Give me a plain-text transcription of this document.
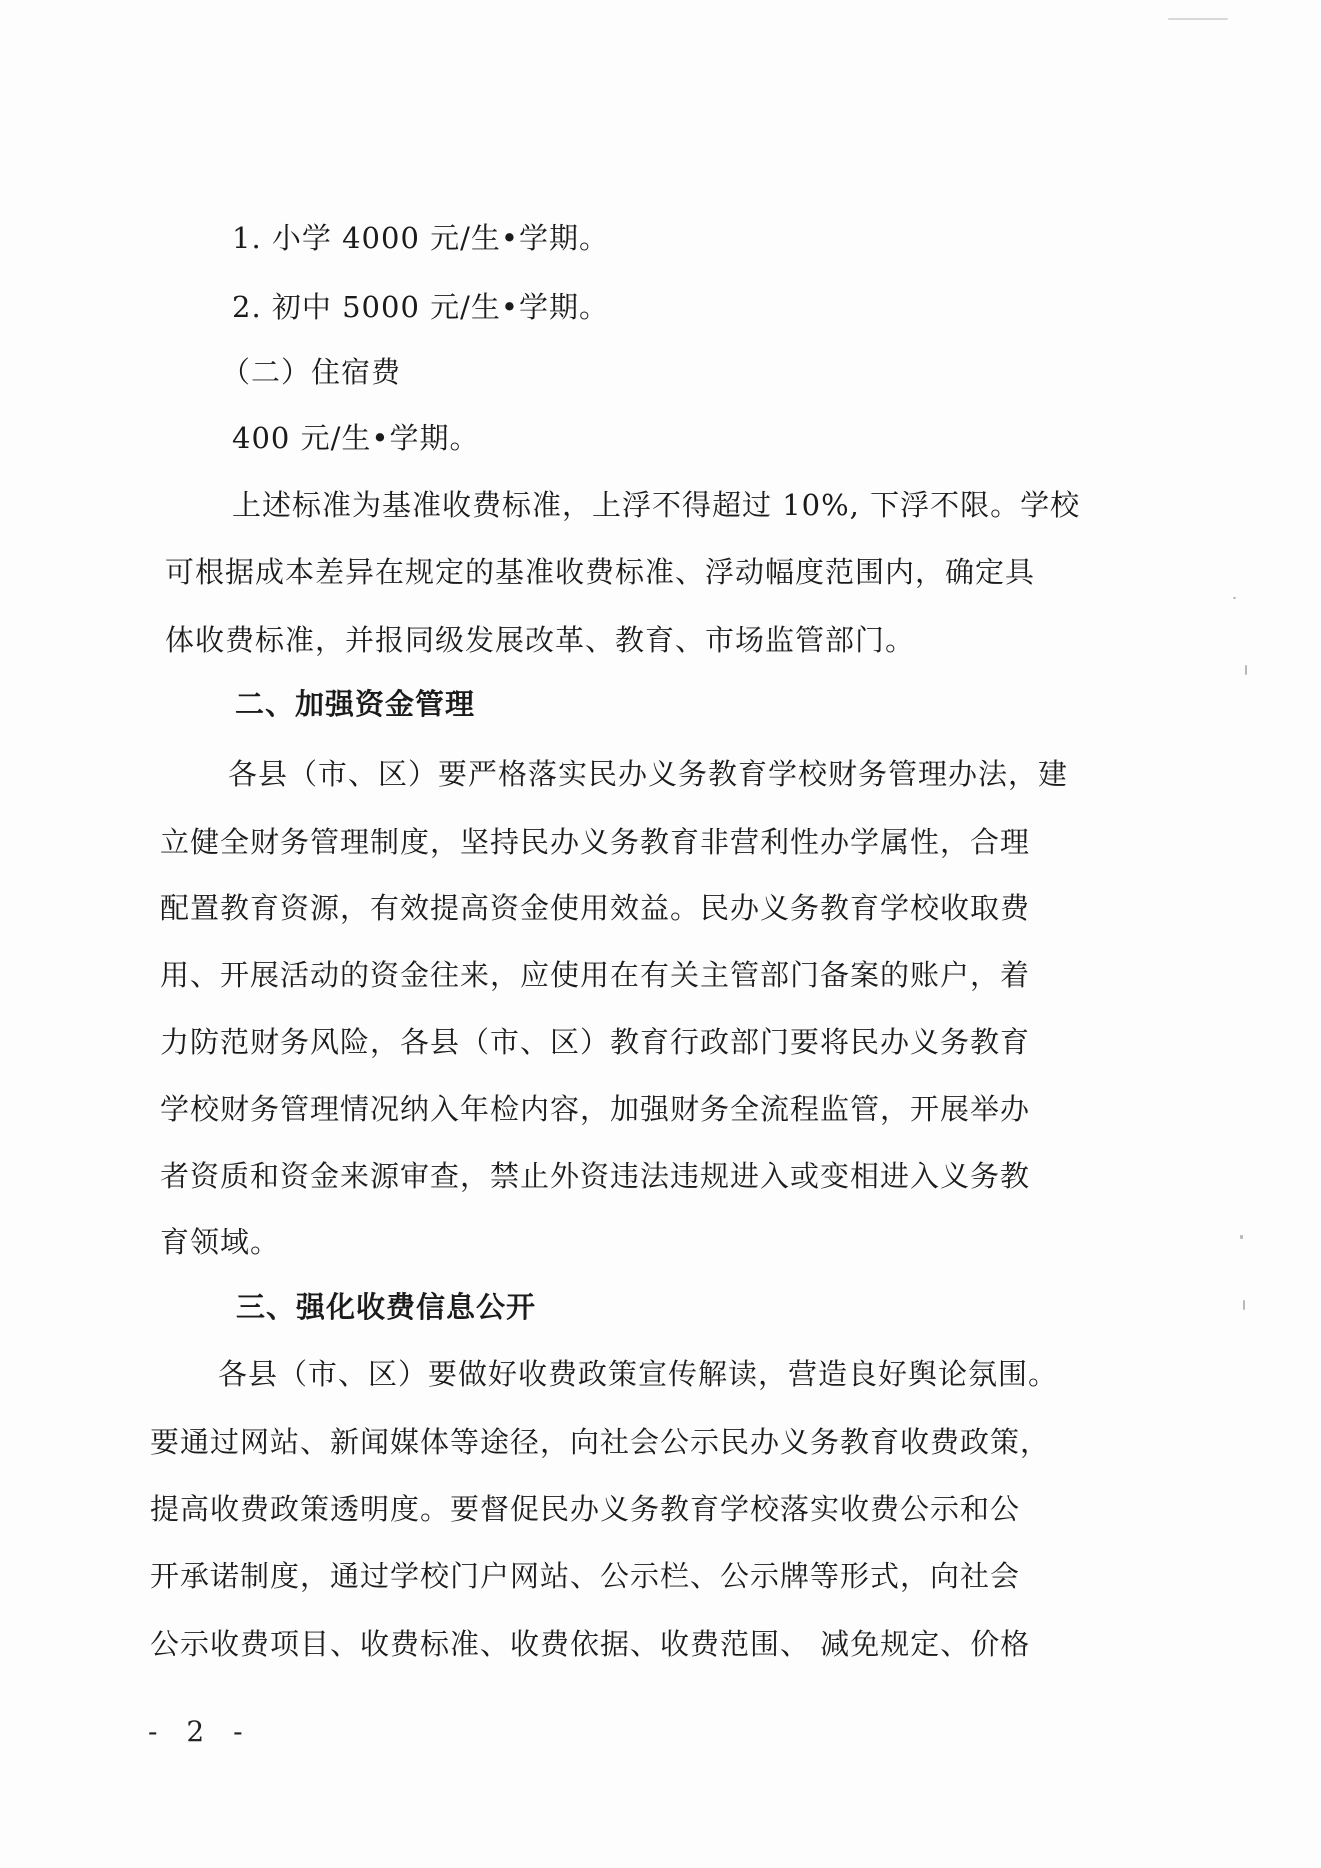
1. 小学 4000 元/生•学期。
2. 初中 5000 元/生•学期。
（二）住宿费
400 元/生•学期。
上述标准为基准收费标准，上浮不得超过 10%, 下浮不限。学校
可根据成本差异在规定的基准收费标准、浮动幅度范围内，确定具
体收费标准，并报同级发展改革、教育、市场监管部门。
二、加强资金管理
各县（市、区）要严格落实民办义务教育学校财务管理办法，建
立健全财务管理制度，坚持民办义务教育非营利性办学属性，合理
配置教育资源，有效提高资金使用效益。民办义务教育学校收取费
用、开展活动的资金往来，应使用在有关主管部门备案的账户，着
力防范财务风险，各县（市、区）教育行政部门要将民办义务教育
学校财务管理情况纳入年检内容，加强财务全流程监管，开展举办
者资质和资金来源审查，禁止外资违法违规进入或变相进入义务教
育领域。
三、强化收费信息公开
各县（市、区）要做好收费政策宣传解读，营造良好舆论氛围。
要通过网站、新闻媒体等途径，向社会公示民办义务教育收费政策，
提高收费政策透明度。要督促民办义务教育学校落实收费公示和公
开承诺制度，通过学校门户网站、公示栏、公示牌等形式，向社会
公示收费项目、收费标准、收费依据、收费范围、 减免规定、价格
- 2 -
